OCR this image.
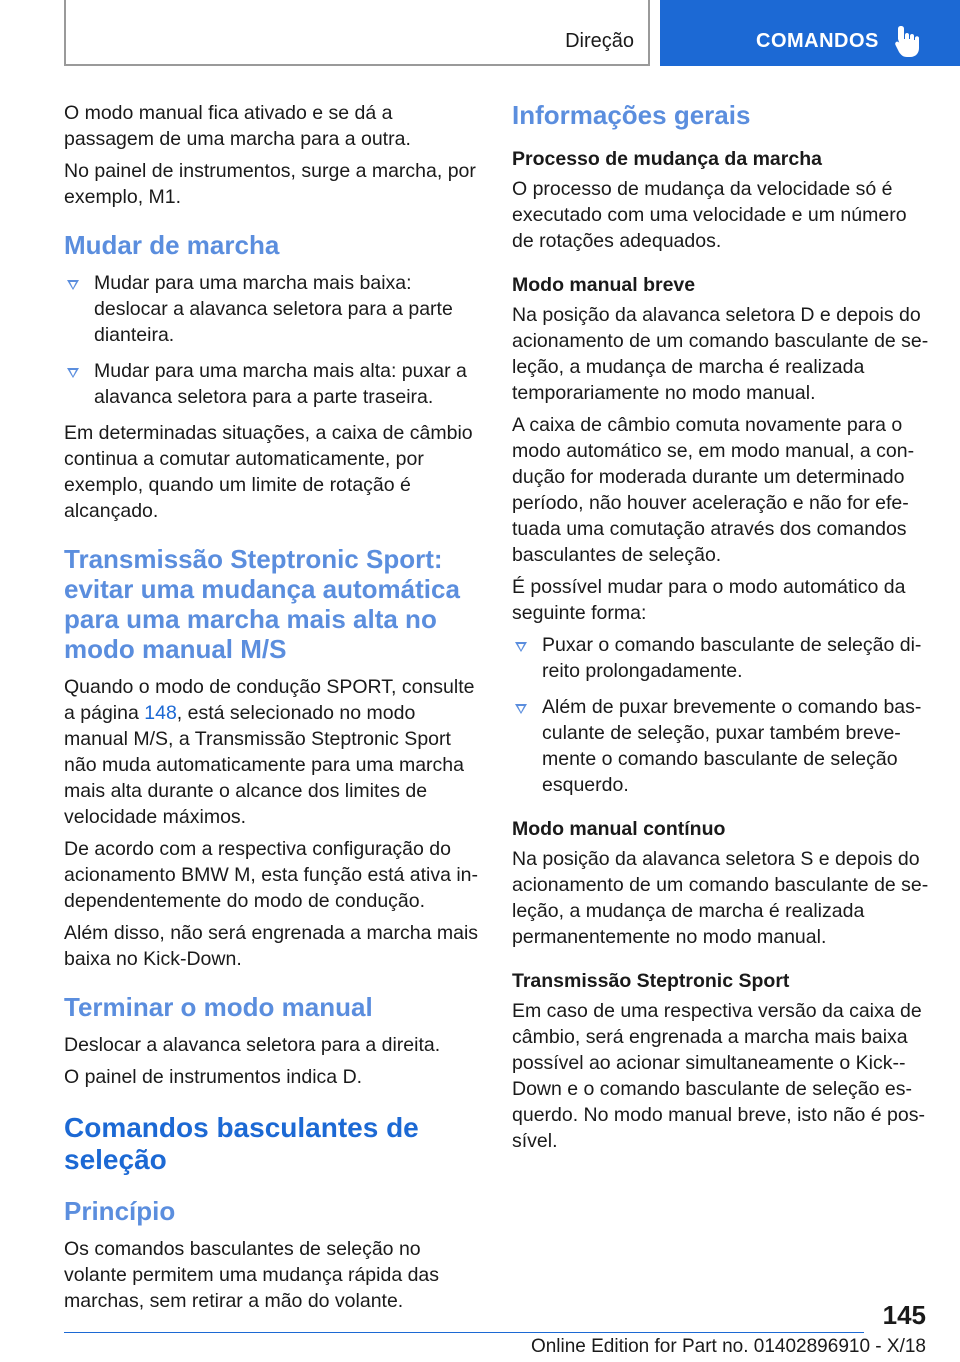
Direção	COMANDOS

O modo manual fica ativado e se dá a passagem de uma marcha para a outra.

No painel de instrumentos, surge a marcha, por exemplo, M1.

Mudar de marcha
Mudar para uma marcha mais baixa: deslocar a alavanca seletora para a parte dianteira.
Mudar para uma marcha mais alta: puxar a alavanca seletora para a parte traseira.

Em determinadas situações, a caixa de câmbio continua a comutar automaticamente, por exemplo, quando um limite de rotação é alcançado.

Transmissão Steptronic Sport: evitar uma mudança automática para uma marcha mais alta no modo manual M/S

Quando o modo de condução SPORT, consulte a página 148, está selecionado no modo manual M/S, a Transmissão Steptronic Sport não muda automaticamente para uma marcha mais alta durante o alcance dos limites de velocidade máximos.

De acordo com a respectiva configuração do acionamento BMW M, esta função está ativa independentemente do modo de condução.

Além disso, não será engrenada a marcha mais baixa no Kick-Down.

Terminar o modo manual

Deslocar a alavanca seletora para a direita.

O painel de instrumentos indica D.

Comandos basculantes de seleção
Princípio

Os comandos basculantes de seleção no volante permitem uma mudança rápida das marchas, sem retirar a mão do volante.

Informações gerais
Processo de mudança da marcha

O processo de mudança da velocidade só é executado com uma velocidade e um número de rotações adequados.

Modo manual breve

Na posição da alavanca seletora D e depois do acionamento de um comando basculante de seleção, a mudança de marcha é realizada temporariamente no modo manual.

A caixa de câmbio comuta novamente para o modo automático se, em modo manual, a condução for moderada durante um determinado período, não houver aceleração e não for efetuada uma comutação através dos comandos basculantes de seleção.

É possível mudar para o modo automático da seguinte forma:

Puxar o comando basculante de seleção direito prolongadamente.
Além de puxar brevemente o comando basculante de seleção, puxar também brevemente o comando basculante de seleção esquerdo.
Modo manual contínuo

Na posição da alavanca seletora S e depois do acionamento de um comando basculante de seleção, a mudança de marcha é realizada permanentemente no modo manual.

Transmissão Steptronic Sport

Em caso de uma respectiva versão da caixa de câmbio, será engrenada a marcha mais baixa possível ao acionar simultaneamente o Kick-Down e o comando basculante de seleção esquerdo. No modo manual breve, isto não é possível.

145
Online Edition for Part no. 01402896910 - X/18
